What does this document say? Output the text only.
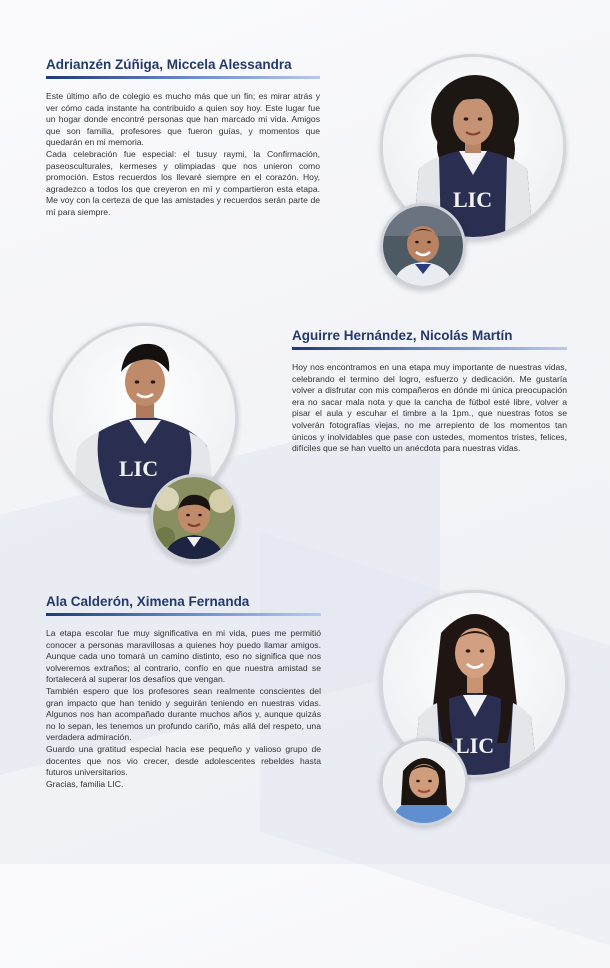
Adrianzén Zúñiga, Miccela Alessandra

Este último año de colegio es mucho más que un fin; es mirar atrás y ver cómo cada instante ha contribuido a quien soy hoy. Este lugar fue un hogar donde encontré personas que han marcado mi vida. Amigos que son familia, profesores que fueron guías, y momentos que quedarán en mi memoria.

Cada celebración fue especial: el tusuy raymi, la Confirmación, paseosculturales, kermeses y olimpiadas que nos unieron como promoción. Estos recuerdos los llevaré siempre en el corazón. Hoy, agradezco a todos los que creyeron en mí y compartieron esta etapa. Me voy con la certeza de que las amistades y recuerdos serán parte de mí para siempre.

Aguirre Hernández, Nicolás Martín

Hoy nos encontramos en una etapa muy importante de nuestras vidas, celebrando el termino del logro, esfuerzo y dedicación. Me gustaría volver a disfrutar con mis compañeros en dónde mi única preocupación era no sacar mala nota y que la cancha de fútbol esté libre, volver a pisar el aula y escuhar el timbre a la 1pm., que nuestras fotos se volverán fotografías viejas, no me arrepiento de los momentos tan únicos y inolvidables que pase con ustedes, momentos tristes, felices, difíciles que se han vuelto un anécdota para nuestras vidas.

Ala Calderón, Ximena Fernanda

La etapa escolar fue muy significativa en mi vida, pues me permitió conocer a personas maravillosas a quienes hoy puedo llamar amigos. Aunque cada uno tomará un camino distinto, eso no significa que nos volveremos extraños; al contrario, confío en que nuestra amistad se fortalecerá al superar los desafíos que vengan.

También espero que los profesores sean realmente conscientes del gran impacto que han tenido y seguirán teniendo en nuestras vidas. Algunos nos han acompañado durante muchos años y, aunque quizás no lo sepan, les tenemos un profundo cariño, más allá del respeto, una verdadera admiración.

Guardo una gratitud especial hacia ese pequeño y valioso grupo de docentes que nos vio crecer, desde adolescentes rebeldes hasta futuros universitarios.

Gracias, familia LIC.

LIC
LIC
LIC
